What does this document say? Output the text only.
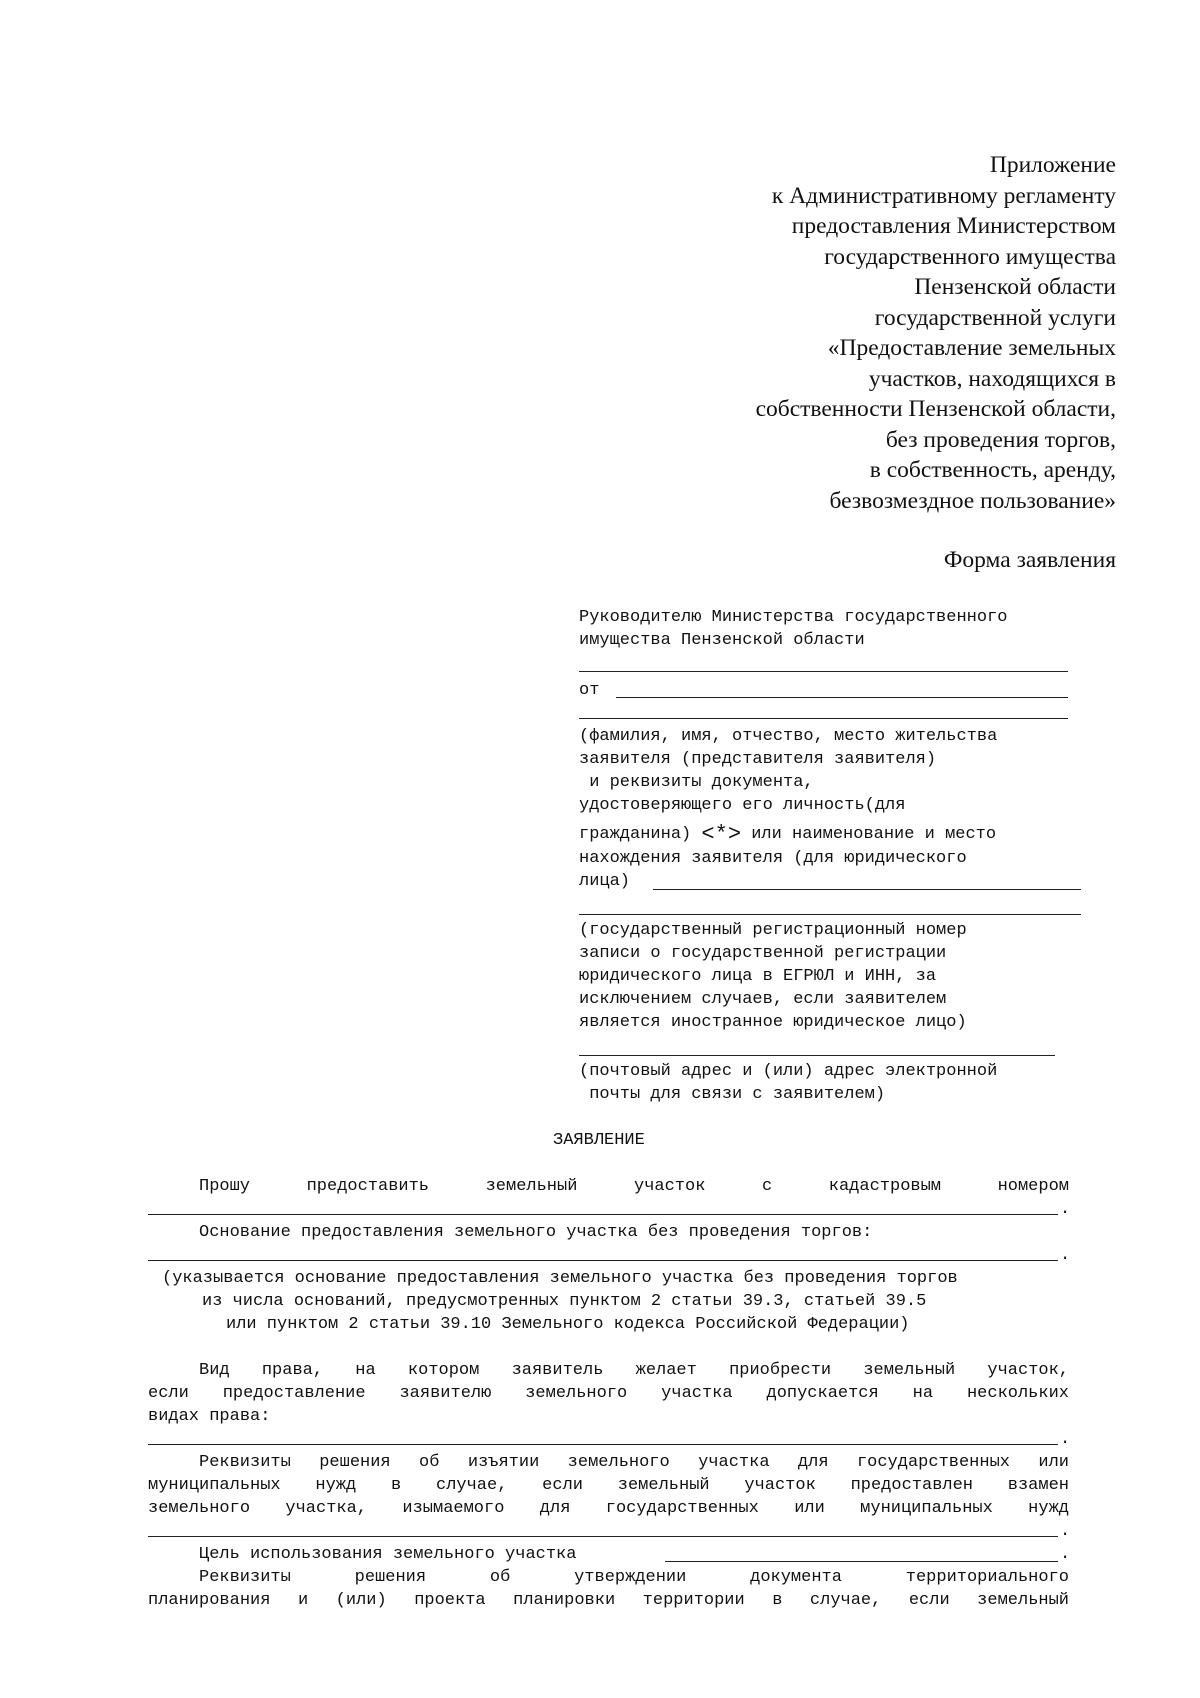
Приложение
к Административному регламенту
предоставления Министерством
государственного имущества
Пензенской области
государственной услуги
«Предоставление земельных
участков, находящихся в
собственности Пензенской области,
без проведения торгов,
в собственность, аренду,
безвозмездное пользование»
Форма заявления
Руководителю Министерства государственного
имущества Пензенской области
от
(фамилия, имя, отчество, место жительства
заявителя (представителя заявителя)
и реквизиты документа,
удостоверяющего его личность(для
гражданина) <*> или наименование и место
нахождения заявителя (для юридического
лица)
(государственный регистрационный номер
записи о государственной регистрации
юридического лица в ЕГРЮЛ и ИНН, за
исключением случаев, если заявителем
является иностранное юридическое лицо)
(почтовый адрес и (или) адрес электронной
почты для связи с заявителем)
ЗАЯВЛЕНИЕ
Прошу предоставить земельный участок с кадастровым номером
.
Основание предоставления земельного участка без проведения торгов:
.
(указывается основание предоставления земельного участка без проведения торгов
из числа оснований, предусмотренных пунктом 2 статьи 39.3, статьей 39.5
или пунктом 2 статьи 39.10 Земельного кодекса Российской Федерации)
Вид права, на котором заявитель желает приобрести земельный участок,
если предоставление заявителю земельного участка допускается на нескольких
видах права:
.
Реквизиты решения об изъятии земельного участка для государственных или
муниципальных нужд в случае, если земельный участок предоставлен взамен
земельного участка, изымаемого для государственных или муниципальных нужд
.
Цель использования земельного участка	.
Реквизиты решения об утверждении документа территориального
планирования и (или) проекта планировки территории в случае, если земельный
